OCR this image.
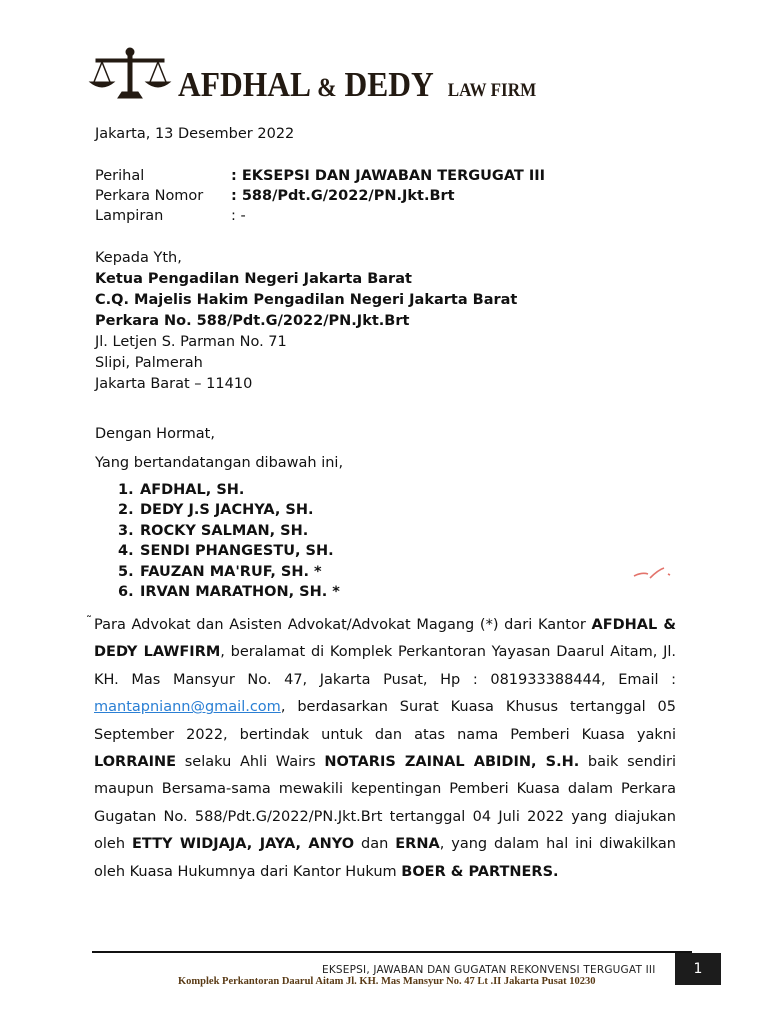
AFDHAL & DEDY LAW FIRM
Jakarta, 13 Desember 2022
Perihal	: EKSEPSI DAN JAWABAN TERGUGAT III
Perkara Nomor	: 588/Pdt.G/2022/PN.Jkt.Brt
Lampiran	: -
Kepada Yth,
Ketua Pengadilan Negeri Jakarta Barat
C.Q. Majelis Hakim Pengadilan Negeri Jakarta Barat
Perkara No. 588/Pdt.G/2022/PN.Jkt.Brt
Jl. Letjen S. Parman No. 71
Slipi, Palmerah
Jakarta Barat – 11410
Dengan Hormat,
Yang bertandatangan dibawah ini,
1. AFDHAL, SH.
2. DEDY J.S JACHYA, SH.
3. ROCKY SALMAN, SH.
4. SENDI PHANGESTU, SH.
5. FAUZAN MA'RUF, SH. *
6. IRVAN MARATHON, SH. *
˜ Para Advokat dan Asisten Advokat/Advokat Magang (*) dari Kantor AFDHAL & DEDY LAWFIRM, beralamat di Komplek Perkantoran Yayasan Daarul Aitam, Jl. KH. Mas Mansyur No. 47, Jakarta Pusat, Hp : 081933388444, Email : mantapniann@gmail.com, berdasarkan Surat Kuasa Khusus tertanggal 05 September 2022, bertindak untuk dan atas nama Pemberi Kuasa yakni LORRAINE selaku Ahli Wairs NOTARIS ZAINAL ABIDIN, S.H. baik sendiri maupun Bersama-sama mewakili kepentingan Pemberi Kuasa dalam Perkara Gugatan No. 588/Pdt.G/2022/PN.Jkt.Brt tertanggal 04 Juli 2022 yang diajukan oleh ETTY WIDJAJA, JAYA, ANYO dan ERNA, yang dalam hal ini diwakilkan oleh Kuasa Hukumnya dari Kantor Hukum BOER & PARTNERS.
EKSEPSI, JAWABAN DAN GUGATAN REKONVENSI TERGUGAT III
Komplek Perkantoran Daarul Aitam Jl. KH. Mas Mansyur No. 47 Lt .II Jakarta Pusat 10230
1
